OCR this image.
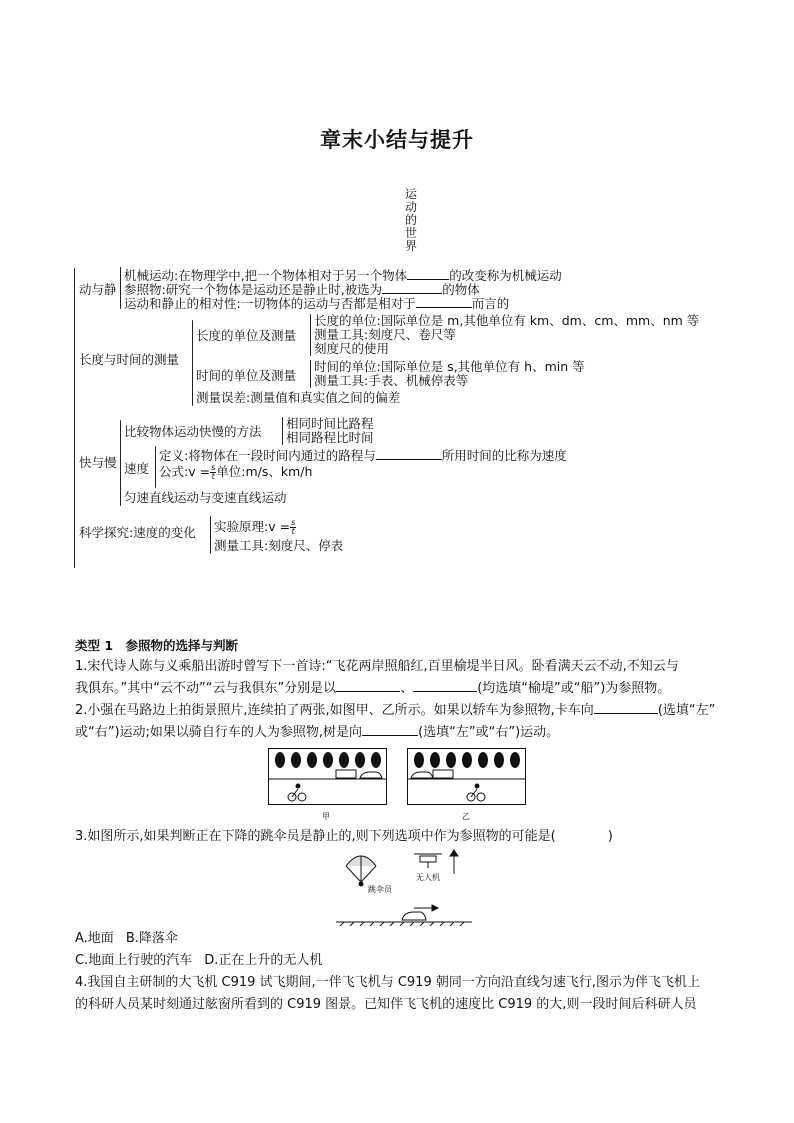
章末小结与提升
运动的世界
动与静
机械运动:在物理学中,把一个物体相对于另一个物体	的改变称为机械运动
参照物:研究一个物体是运动还是静止时,被选为	的物体
运动和静止的相对性:一切物体的运动与否都是相对于	而言的
长度与时间的测量
长度的单位及测量
长度的单位:国际单位是 m,其他单位有 km、dm、cm、mm、nm 等
测量工具:刻度尺、卷尺等
刻度尺的使用
时间的单位及测量
时间的单位:国际单位是 s,其他单位有 h、min 等
测量工具:手表、机械停表等
测量误差:测量值和真实值之间的偏差
快与慢
比较物体运动快慢的方法
相同时间比路程
相同路程比时间
速度
定义:将物体在一段时间内通过的路程与	所用时间的比称为速度
公式:v = $\frac{s}{t}$ 单位:m/s、km/h
匀速直线运动与变速直线运动
科学探究:速度的变化 实验原理:v = $\frac{s}{t}$
测量工具:刻度尺、停表
类型 1　参照物的选择与判断
1.宋代诗人陈与义乘船出游时曾写下一首诗:“飞花两岸照船红,百里榆堤半日风。卧看满天云不动,不知云与
我俱东。”其中“云不动”“云与我俱东”分别是以	、	(均选填“榆堤”或“船”)为参照物。
2.小强在马路边上拍街景照片,连续拍了两张,如图甲、乙所示。如果以轿车为参照物,卡车向	(选填“左”
或“右”)运动;如果以骑自行车的人为参照物,树是向	(选填“左”或“右”)运动。
甲	乙
3.如图所示,如果判断正在下降的跳伞员是静止的,则下列选项中作为参照物的可能是(　　　　)
跳伞员
无人机
A.地面 B.降落伞
C.地面上行驶的汽车 D.正在上升的无人机
4.我国自主研制的大飞机 C919 试飞期间,一伴飞飞机与 C919 朝同一方向沿直线匀速飞行,图示为伴飞飞机上
的科研人员某时刻通过舷窗所看到的 C919 图景。已知伴飞飞机的速度比 C919 的大,则一段时间后科研人员
